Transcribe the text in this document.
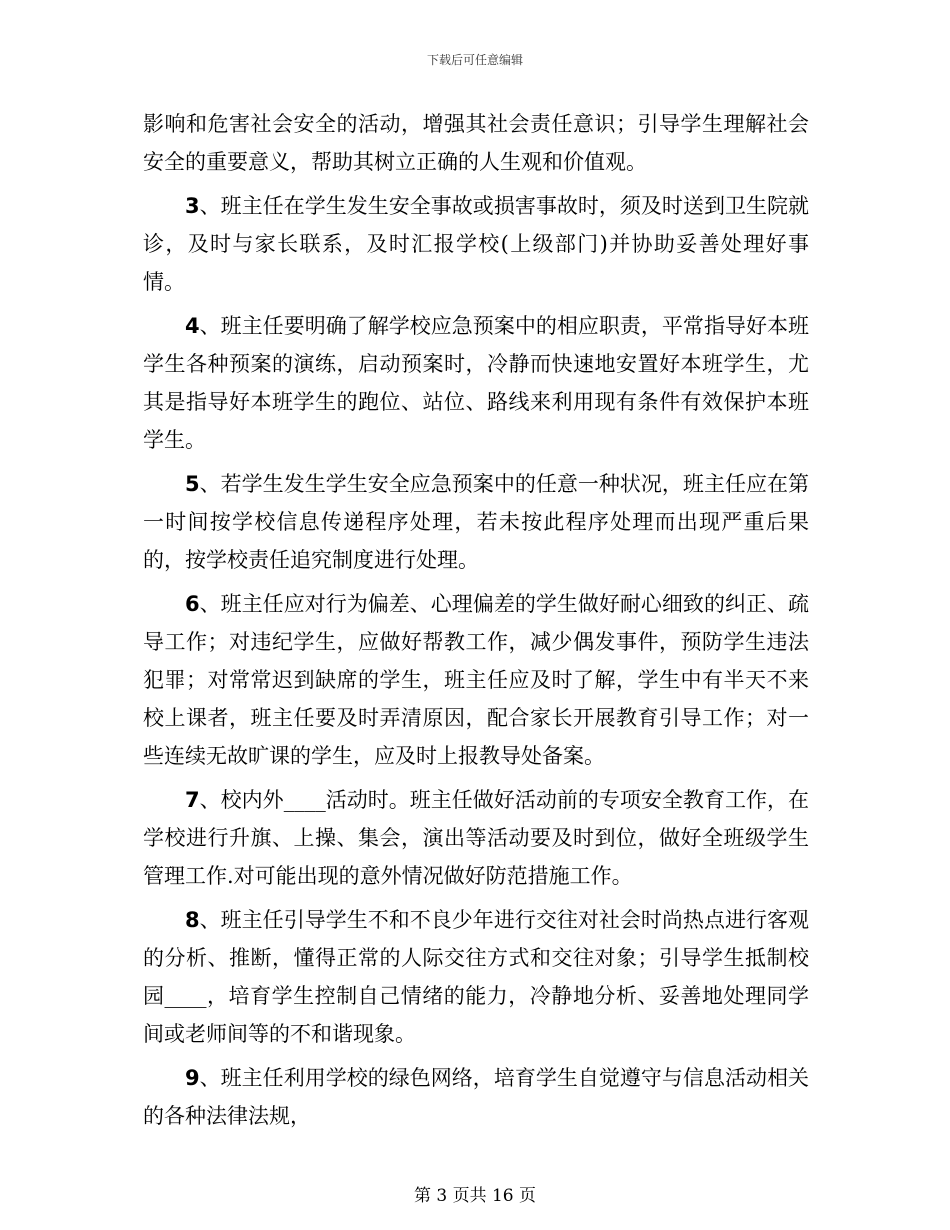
下载后可任意编辑

影响和危害社会安全的活动，增强其社会责任意识；引导学生理解社会安全的重要意义，帮助其树立正确的人生观和价值观。

3、班主任在学生发生安全事故或损害事故时，须及时送到卫生院就诊，及时与家长联系，及时汇报学校(上级部门)并协助妥善处理好事情。

4、班主任要明确了解学校应急预案中的相应职责，平常指导好本班学生各种预案的演练，启动预案时，冷静而快速地安置好本班学生，尤其是指导好本班学生的跑位、站位、路线来利用现有条件有效保护本班学生。

5、若学生发生学生安全应急预案中的任意一种状况，班主任应在第一时间按学校信息传递程序处理，若未按此程序处理而出现严重后果的，按学校责任追究制度进行处理。

6、班主任应对行为偏差、心理偏差的学生做好耐心细致的纠正、疏导工作；对违纪学生，应做好帮教工作，减少偶发事件，预防学生违法犯罪；对常常迟到缺席的学生，班主任应及时了解，学生中有半天不来校上课者，班主任要及时弄清原因，配合家长开展教育引导工作；对一些连续无故旷课的学生，应及时上报教导处备案。

7、校内外____活动时。班主任做好活动前的专项安全教育工作，在学校进行升旗、上操、集会，演出等活动要及时到位，做好全班级学生管理工作.对可能出现的意外情况做好防范措施工作。

8、班主任引导学生不和不良少年进行交往对社会时尚热点进行客观的分析、推断，懂得正常的人际交往方式和交往对象；引导学生抵制校园____，培育学生控制自己情绪的能力，冷静地分析、妥善地处理同学间或老师间等的不和谐现象。

9、班主任利用学校的绿色网络，培育学生自觉遵守与信息活动相关的各种法律法规，

第 3 页共 16 页
